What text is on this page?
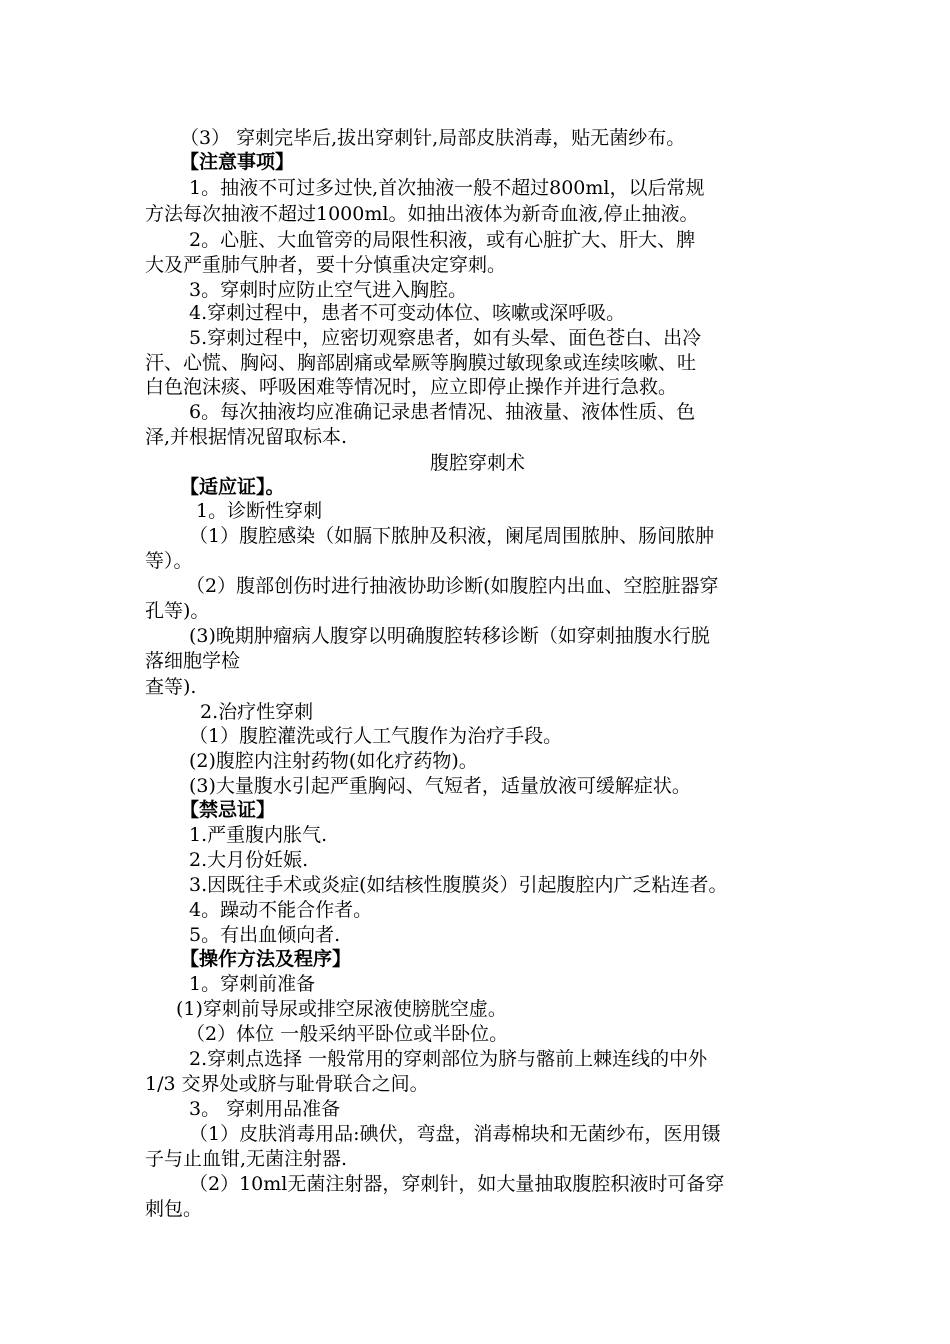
（3） 穿刺完毕后,拔出穿刺针,局部皮肤消毒，贴无菌纱布。
【注意事项】
1。抽液不可过多过快,首次抽液一般不超过800ml，以后常规
方法每次抽液不超过1000ml。如抽出液体为新奇血液,停止抽液。
2。心脏、大血管旁的局限性积液，或有心脏扩大、肝大、脾
大及严重肺气肿者，要十分慎重决定穿刺。
3。穿刺时应防止空气进入胸腔。
4.穿刺过程中，患者不可变动体位、咳嗽或深呼吸。
5.穿刺过程中，应密切观察患者，如有头晕、面色苍白、出冷
汗、心慌、胸闷、胸部剧痛或晕厥等胸膜过敏现象或连续咳嗽、吐
白色泡沫痰、呼吸困难等情况时，应立即停止操作并进行急救。
6。每次抽液均应准确记录患者情况、抽液量、液体性质、色
泽,并根据情况留取标本.
腹腔穿刺术
【适应证】。
1。诊断性穿刺
（1）腹腔感染（如膈下脓肿及积液，阑尾周围脓肿、肠间脓肿
等）。
（2）腹部创伤时进行抽液协助诊断(如腹腔内出血、空腔脏器穿
孔等)。
(3)晚期肿瘤病人腹穿以明确腹腔转移诊断（如穿刺抽腹水行脱
落细胞学检
查等).
2.治疗性穿刺
（1）腹腔灌洗或行人工气腹作为治疗手段。
(2)腹腔内注射药物(如化疗药物)。
(3)大量腹水引起严重胸闷、气短者，适量放液可缓解症状。
【禁忌证】
1.严重腹内胀气.
2.大月份妊娠.
3.因既往手术或炎症(如结核性腹膜炎）引起腹腔内广乏粘连者。
4。躁动不能合作者。
5。有出血倾向者.
【操作方法及程序】
1。穿刺前准备
(1)穿刺前导尿或排空尿液使膀胱空虚。
（2）体位 一般采纳平卧位或半卧位。
2.穿刺点选择 一般常用的穿刺部位为脐与髂前上棘连线的中外
1/3 交界处或脐与耻骨联合之间。
3。 穿刺用品准备
（1）皮肤消毒用品:碘伏，弯盘，消毒棉块和无菌纱布，医用镊
子与止血钳,无菌注射器.
（2）10ml无菌注射器，穿刺针，如大量抽取腹腔积液时可备穿
刺包。
